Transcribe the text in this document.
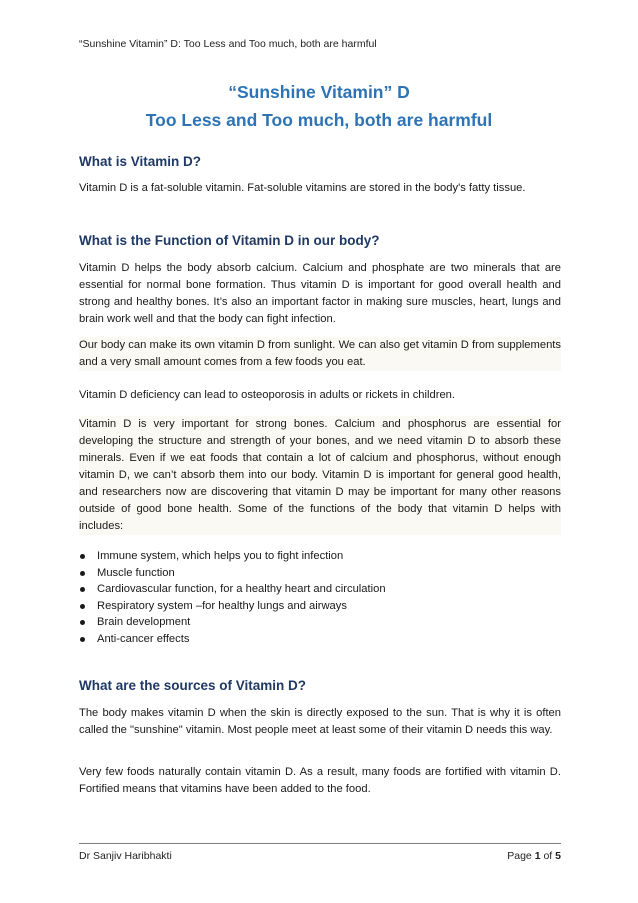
“Sunshine Vitamin” D: Too Less and Too much, both are harmful
“Sunshine Vitamin” D
Too Less and Too much, both are harmful
What is Vitamin D?
Vitamin D is a fat-soluble vitamin. Fat-soluble vitamins are stored in the body's fatty tissue.
What is the Function of Vitamin D in our body?
Vitamin D helps the body absorb calcium. Calcium and phosphate are two minerals that are essential for normal bone formation. Thus vitamin D is important for good overall health and strong and healthy bones. It’s also an important factor in making sure muscles, heart, lungs and brain work well and that the body can fight infection.
Our body can make its own vitamin D from sunlight. We can also get vitamin D from supplements and a very small amount comes from a few foods you eat.
Vitamin D deficiency can lead to osteoporosis in adults or rickets in children.
Vitamin D is very important for strong bones. Calcium and phosphorus are essential for developing the structure and strength of your bones, and we need vitamin D to absorb these minerals. Even if we eat foods that contain a lot of calcium and phosphorus, without enough vitamin D, we can’t absorb them into our body. Vitamin D is important for general good health, and researchers now are discovering that vitamin D may be important for many other reasons outside of good bone health. Some of the functions of the body that vitamin D helps with includes:
Immune system, which helps you to fight infection
Muscle function
Cardiovascular function, for a healthy heart and circulation
Respiratory system –for healthy lungs and airways
Brain development
Anti-cancer effects
What are the sources of Vitamin D?
The body makes vitamin D when the skin is directly exposed to the sun. That is why it is often called the "sunshine" vitamin. Most people meet at least some of their vitamin D needs this way.
Very few foods naturally contain vitamin D. As a result, many foods are fortified with vitamin D. Fortified means that vitamins have been added to the food.
Dr Sanjiv Haribhakti	Page 1 of 5
